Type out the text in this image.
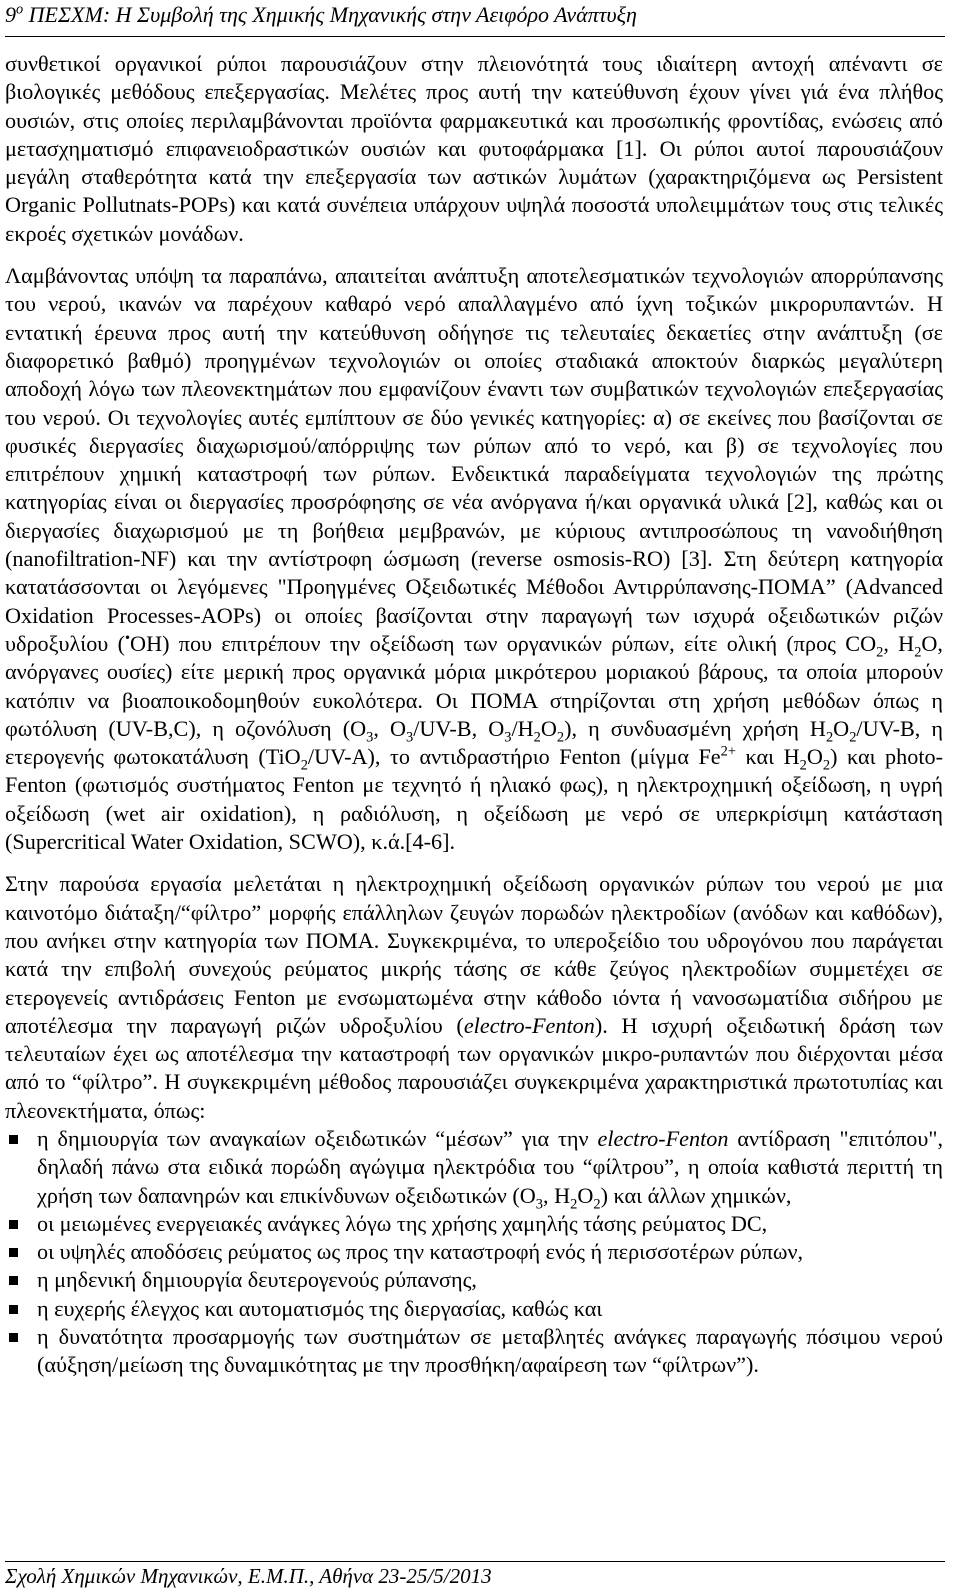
$9^o$ ΠΕΣΧΜ: Η Συμβολή της Χημικής Μηχανικής στην Αειφόρο Ανάπτυξη

συνθετικοί οργανικοί ρύποι παρουσιάζουν στην πλειονότητά τους ιδιαίτερη αντοχή απέναντι σε βιολογικές μεθόδους επεξεργασίας. Μελέτες προς αυτή την κατεύθυνση έχουν γίνει γιά ένα πλήθος ουσιών, στις οποίες περιλαμβάνονται προϊόντα φαρμακευτικά και προσωπικής φροντίδας, ενώσεις από μετασχηματισμό επιφανειοδραστικών ουσιών και φυτοφάρμακα [1]. Οι ρύποι αυτοί παρουσιάζουν μεγάλη σταθερότητα κατά την επεξεργασία των αστικών λυμάτων (χαρακτηριζόμενα ως Persistent Organic Pollutnats-POPs) και κατά συνέπεια υπάρχουν υψηλά ποσοστά υπολειμμάτων τους στις τελικές εκροές σχετικών μονάδων.

Λαμβάνοντας υπόψη τα παραπάνω, απαιτείται ανάπτυξη αποτελεσματικών τεχνολογιών απορρύπανσης του νερού, ικανών να παρέχουν καθαρό νερό απαλλαγμένο από ίχνη τοξικών μικρορυπαντών. Η εντατική έρευνα προς αυτή την κατεύθυνση οδήγησε τις τελευταίες δεκαετίες στην ανάπτυξη (σε διαφορετικό βαθμό) προηγμένων τεχνολογιών οι οποίες σταδιακά αποκτούν διαρκώς μεγαλύτερη αποδοχή λόγω των πλεονεκτημάτων που εμφανίζουν έναντι των συμβατικών τεχνολογιών επεξεργασίας του νερού. Οι τεχνολογίες αυτές εμπίπτουν σε δύο γενικές κατηγορίες: α) σε εκείνες που βασίζονται σε φυσικές διεργασίες διαχωρισμού/απόρριψης των ρύπων από το νερό, και β) σε τεχνολογίες που επιτρέπουν χημική καταστροφή των ρύπων. Ενδεικτικά παραδείγματα τεχνολογιών της πρώτης κατηγορίας είναι οι διεργασίες προσρόφησης σε νέα ανόργανα ή/και οργανικά υλικά [2], καθώς και οι διεργασίες διαχωρισμού με τη βοήθεια μεμβρανών, με κύριους αντιπροσώπους τη νανοδιήθηση (nanofiltration-NF) και την αντίστροφη ώσμωση (reverse osmosis-RO) [3]. Στη δεύτερη κατηγορία κατατάσσονται οι λεγόμενες "Προηγμένες Οξειδωτικές Μέθοδοι Αντιρρύπανσης-ΠΟΜΑ” (Advanced Oxidation Processes-AOPs) οι οποίες βασίζονται στην παραγωγή των ισχυρά οξειδωτικών ριζών υδροξυλίου (•OH) που επιτρέπουν την οξείδωση των οργανικών ρύπων, είτε ολική (προς $CO_2$, $H_2O$, ανόργανες ουσίες) είτε μερική προς οργανικά μόρια μικρότερου μοριακού βάρους, τα οποία μπορούν κατόπιν να βιοαποικοδομηθούν ευκολότερα. Οι ΠΟΜΑ στηρίζονται στη χρήση μεθόδων όπως η φωτόλυση (UV-B,C), η οζονόλυση ($O_3$, $O_3/UV-B$, $O_3/H_2O_2$), η συνδυασμένη χρήση $H_2O_2/UV-B$, η ετερογενής φωτοκατάλυση (TiO$_2$/UV-A), το αντιδραστήριο Fenton (μίγμα $Fe^{2+}$ και $H_2O_2$) και photo-Fenton (φωτισμός συστήματος Fenton με τεχνητό ή ηλιακό φως), η ηλεκτροχημική οξείδωση, η υγρή οξείδωση (wet air oxidation), η ραδιόλυση, η οξείδωση με νερό σε υπερκρίσιμη κατάσταση (Supercritical Water Oxidation, SCWO), κ.ά.[4-6].

Στην παρούσα εργασία μελετάται η ηλεκτροχημική οξείδωση οργανικών ρύπων του νερού με μια καινοτόμο διάταξη/“φίλτρο” μορφής επάλληλων ζευγών πορωδών ηλεκτροδίων (ανόδων και καθόδων), που ανήκει στην κατηγορία των ΠΟΜΑ. Συγκεκριμένα, το υπεροξείδιο του υδρογόνου που παράγεται κατά την επιβολή συνεχούς ρεύματος μικρής τάσης σε κάθε ζεύγος ηλεκτροδίων συμμετέχει σε ετερογενείς αντιδράσεις Fenton με ενσωματωμένα στην κάθοδο ιόντα ή νανοσωματίδια σιδήρου με αποτέλεσμα την παραγωγή ριζών υδροξυλίου (electro-Fenton). Η ισχυρή οξειδωτική δράση των τελευταίων έχει ως αποτέλεσμα την καταστροφή των οργανικών μικρο-ρυπαντών που διέρχονται μέσα από το “φίλτρο”. Η συγκεκριμένη μέθοδος παρουσιάζει συγκεκριμένα χαρακτηριστικά πρωτοτυπίας και πλεονεκτήματα, όπως:

η δημιουργία των αναγκαίων οξειδωτικών “μέσων” για την electro-Fenton αντίδραση "επιτόπου", δηλαδή πάνω στα ειδικά πορώδη αγώγιμα ηλεκτρόδια του “φίλτρου”, η οποία καθιστά περιττή τη χρήση των δαπανηρών και επικίνδυνων οξειδωτικών ($O_3$, $H_2O_2$) και άλλων χημικών,
οι μειωμένες ενεργειακές ανάγκες λόγω της χρήσης χαμηλής τάσης ρεύματος DC,
οι υψηλές αποδόσεις ρεύματος ως προς την καταστροφή ενός ή περισσοτέρων ρύπων,
η μηδενική δημιουργία δευτερογενούς ρύπανσης,
η ευχερής έλεγχος και αυτοματισμός της διεργασίας, καθώς και
η δυνατότητα προσαρμογής των συστημάτων σε μεταβλητές ανάγκες παραγωγής πόσιμου νερού (αύξηση/μείωση της δυναμικότητας με την προσθήκη/αφαίρεση των “φίλτρων”).
Σχολή Χημικών Μηχανικών, Ε.Μ.Π., Αθήνα 23-25/5/2013
